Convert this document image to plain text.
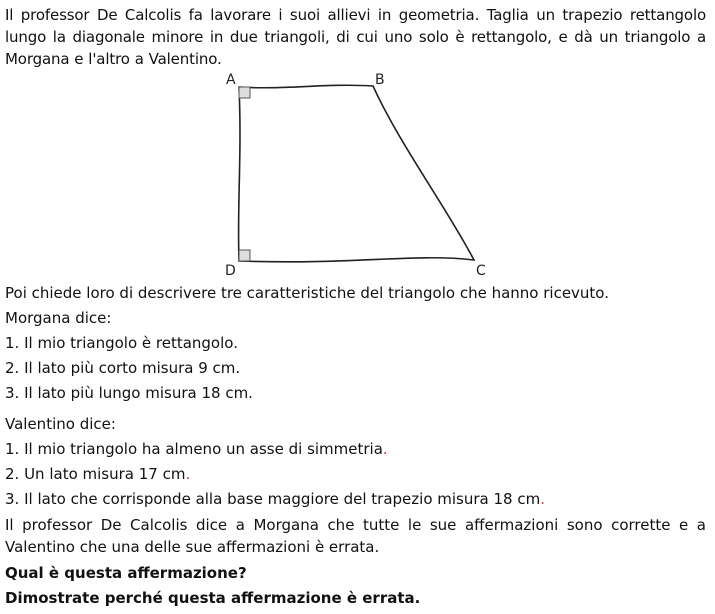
Il professor De Calcolis fa lavorare i suoi allievi in geometria. Taglia un trapezio rettangolo lungo la diagonale minore in due triangoli, di cui uno solo è rettangolo, e dà un triangolo a Morgana e l'altro a Valentino.
A	B
C
D
Poi chiede loro di descrivere tre caratteristiche del triangolo che hanno ricevuto.
Morgana dice:
1. Il mio triangolo è rettangolo.
2. Il lato più corto misura 9 cm.
3. Il lato più lungo misura 18 cm.
Valentino dice:
1. Il mio triangolo ha almeno un asse di simmetria.
2. Un lato misura 17 cm.
3. Il lato che corrisponde alla base maggiore del trapezio misura 18 cm.
Il professor De Calcolis dice a Morgana che tutte le sue affermazioni sono corrette e a Valentino che una delle sue affermazioni è errata.
Qual è questa affermazione?
Dimostrate perché questa affermazione è errata.
